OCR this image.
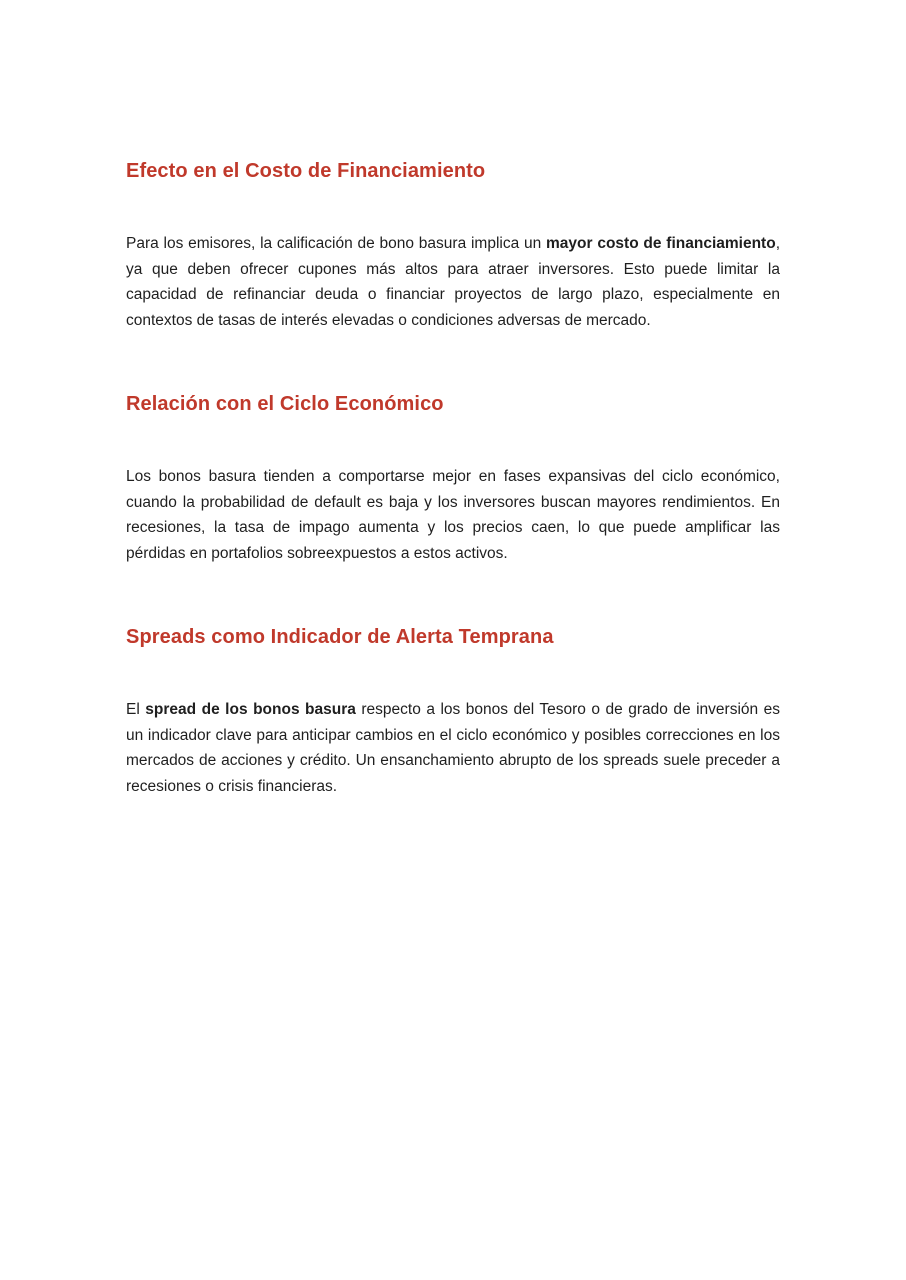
Efecto en el Costo de Financiamiento

Para los emisores, la calificación de bono basura implica un mayor costo de financiamiento, ya que deben ofrecer cupones más altos para atraer inversores. Esto puede limitar la capacidad de refinanciar deuda o financiar proyectos de largo plazo, especialmente en contextos de tasas de interés elevadas o condiciones adversas de mercado.

Relación con el Ciclo Económico

Los bonos basura tienden a comportarse mejor en fases expansivas del ciclo económico, cuando la probabilidad de default es baja y los inversores buscan mayores rendimientos. En recesiones, la tasa de impago aumenta y los precios caen, lo que puede amplificar las pérdidas en portafolios sobreexpuestos a estos activos.

Spreads como Indicador de Alerta Temprana

El spread de los bonos basura respecto a los bonos del Tesoro o de grado de inversión es un indicador clave para anticipar cambios en el ciclo económico y posibles correcciones en los mercados de acciones y crédito. Un ensanchamiento abrupto de los spreads suele preceder a recesiones o crisis financieras.
